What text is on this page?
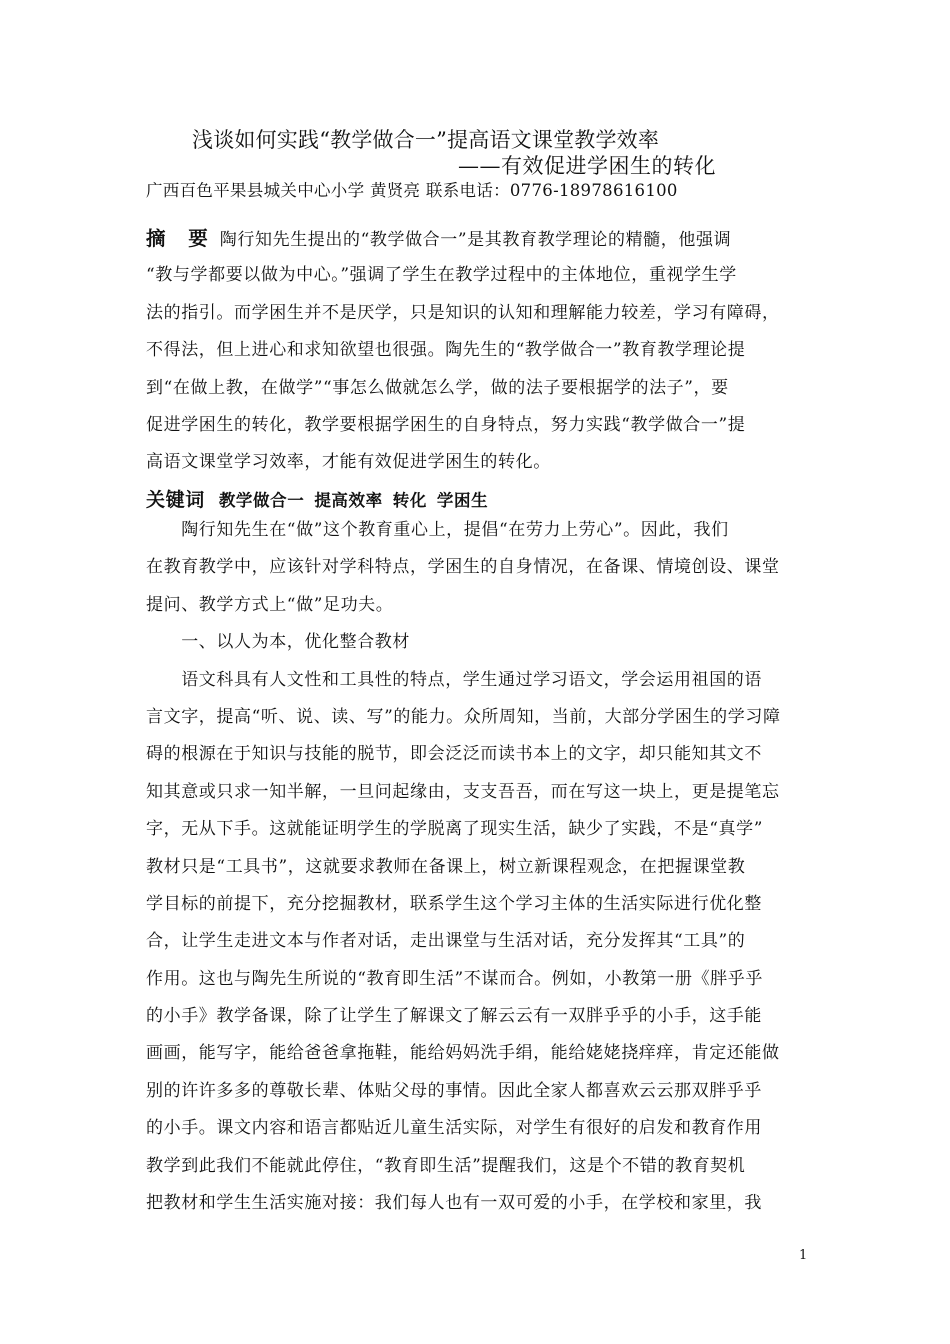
浅谈如何实践“教学做合一”提高语文课堂教学效率
——有效促进学困生的转化
广西百色平果县城关中心小学 黄贤亮 联系电话：0776-18978616100
摘 要 陶行知先生提出的“教学做合一”是其教育教学理论的精髓，他强调
“教与学都要以做为中心。”强调了学生在教学过程中的主体地位，重视学生学
法的指引。而学困生并不是厌学，只是知识的认知和理解能力较差，学习有障碍，
不得法，但上进心和求知欲望也很强。陶先生的“教学做合一”教育教学理论提
到“在做上教，在做学”“事怎么做就怎么学，做的法子要根据学的法子”，要
促进学困生的转化，教学要根据学困生的自身特点，努力实践“教学做合一”提
高语文课堂学习效率，才能有效促进学困生的转化。
关键词 教学做合一 提高效率 转化 学困生
　　陶行知先生在“做”这个教育重心上，提倡“在劳力上劳心”。因此，我们
在教育教学中，应该针对学科特点，学困生的自身情况，在备课、情境创设、课堂
提问、教学方式上“做”足功夫。
　　一、以人为本，优化整合教材
　　语文科具有人文性和工具性的特点，学生通过学习语文，学会运用祖国的语
言文字，提高“听、说、读、写”的能力。众所周知，当前，大部分学困生的学习障
碍的根源在于知识与技能的脱节，即会泛泛而读书本上的文字，却只能知其文不
知其意或只求一知半解，一旦问起缘由，支支吾吾，而在写这一块上，更是提笔忘
字，无从下手。这就能证明学生的学脱离了现实生活，缺少了实践，不是“真学”
教材只是“工具书”，这就要求教师在备课上，树立新课程观念，在把握课堂教
学目标的前提下，充分挖掘教材，联系学生这个学习主体的生活实际进行优化整
合，让学生走进文本与作者对话，走出课堂与生活对话，充分发挥其“工具”的
作用。这也与陶先生所说的“教育即生活”不谋而合。例如，小教第一册《胖乎乎
的小手》教学备课，除了让学生了解课文了解云云有一双胖乎乎的小手，这手能
画画，能写字，能给爸爸拿拖鞋，能给妈妈洗手绢，能给姥姥挠痒痒，肯定还能做
别的许许多多的尊敬长辈、体贴父母的事情。因此全家人都喜欢云云那双胖乎乎
的小手。课文内容和语言都贴近儿童生活实际，对学生有很好的启发和教育作用
教学到此我们不能就此停住，“教育即生活”提醒我们，这是个不错的教育契机
把教材和学生生活实施对接：我们每人也有一双可爱的小手，在学校和家里，我
1
